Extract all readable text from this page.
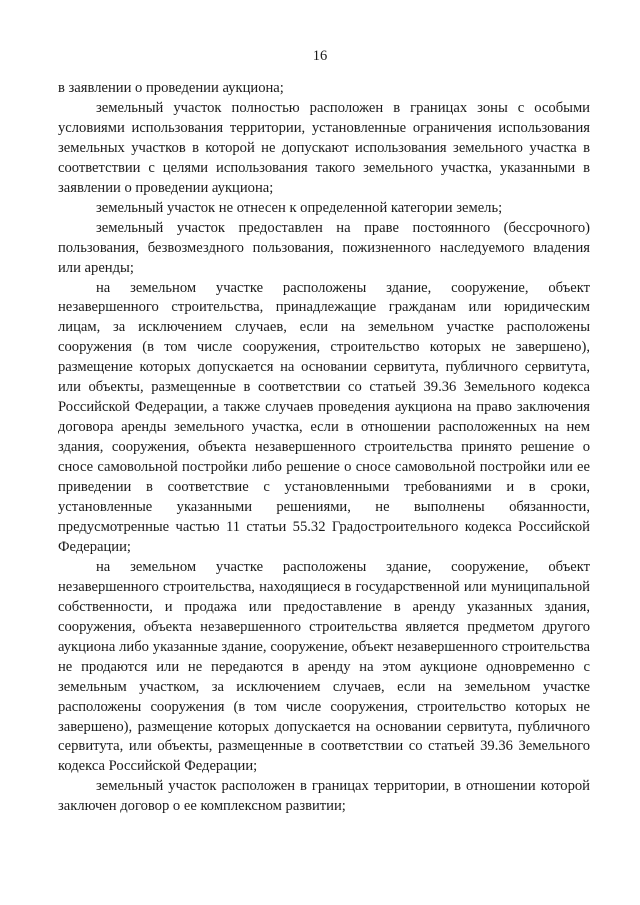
16

в заявлении о проведении аукциона;

земельный участок полностью расположен в границах зоны с особыми условиями использования территории, установленные ограничения использования земельных участков в которой не допускают использования земельного участка в соответствии с целями использования такого земельного участка, указанными в заявлении о проведении аукциона;

земельный участок не отнесен к определенной категории земель;

земельный участок предоставлен на праве постоянного (бессрочного) пользования, безвозмездного пользования, пожизненного наследуемого владения или аренды;

на земельном участке расположены здание, сооружение, объект незавершенного строительства, принадлежащие гражданам или юридическим лицам, за исключением случаев, если на земельном участке расположены сооружения (в том числе сооружения, строительство которых не завершено), размещение которых допускается на основании сервитута, публичного сервитута, или объекты, размещенные в соответствии со статьей 39.36 Земельного кодекса Российской Федерации, а также случаев проведения аукциона на право заключения договора аренды земельного участка, если в отношении расположенных на нем здания, сооружения, объекта незавершенного строительства принято решение о сносе самовольной постройки либо решение о сносе самовольной постройки или ее приведении в соответствие с установленными требованиями и в сроки, установленные указанными решениями, не выполнены обязанности, предусмотренные частью 11 статьи 55.32 Градостроительного кодекса Российской Федерации;

на земельном участке расположены здание, сооружение, объект незавершенного строительства, находящиеся в государственной или муниципальной собственности, и продажа или предоставление в аренду указанных здания, сооружения, объекта незавершенного строительства является предметом другого аукциона либо указанные здание, сооружение, объект незавершенного строительства не продаются или не передаются в аренду на этом аукционе одновременно с земельным участком, за исключением случаев, если на земельном участке расположены сооружения (в том числе сооружения, строительство которых не завершено), размещение которых допускается на основании сервитута, публичного сервитута, или объекты, размещенные в соответствии со статьей 39.36 Земельного кодекса Российской Федерации;

земельный участок расположен в границах территории, в отношении которой заключен договор о ее комплексном развитии;
